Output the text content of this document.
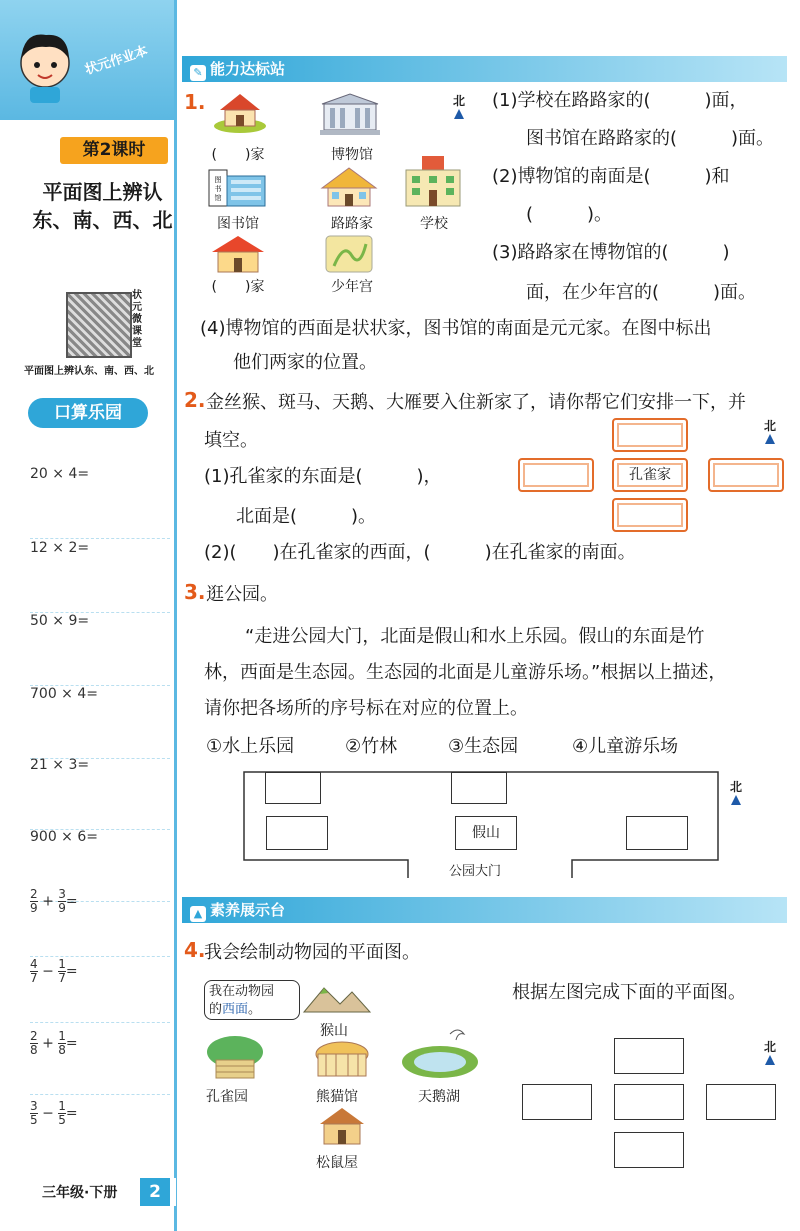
状元作业本
第2课时
平面图上辨认
东、南、西、北
状元微课堂
平面图上辨认东、南、西、北
口算乐园
20 × 4=
12 × 2=
50 × 9=
700 × 4=
21 × 3=
900 × 6=
$\frac{2}{9} + \frac{3}{9}$ =
$\frac{4}{7} - \frac{1}{7}$ =
$\frac{2}{8} + \frac{1}{8}$ =
$\frac{3}{5} - \frac{1}{5}$ =
三年级·下册	2
✎ 能力达标站
1.
(　　)家	博物馆
北
图
书
馆
图书馆	路路家	学校
(　　)家	少年宫
(1)学校在路路家的(　　　)面，
图书馆在路路家的(　　　)面。
(2)博物馆的南面是(　　　)和
(　　　)。
(3)路路家在博物馆的(　　　)
面，在少年宫的(　　　)面。
(4)博物馆的西面是状状家，图书馆的南面是元元家。在图中标出
他们两家的位置。
2. 金丝猴、斑马、天鹅、大雁要入住新家了，请你帮它们安排一下，并
填空。
(1)孔雀家的东面是(　　　)，
北面是(　　　)。
(2)(　　)在孔雀家的西面，(　　　)在孔雀家的南面。
孔雀家
北
3. 逛公园。
“走进公园大门，北面是假山和水上乐园。假山的东面是竹
林，西面是生态园。生态园的北面是儿童游乐场。”根据以上描述，
请你把各场所的序号标在对应的位置上。
①水上乐园	②竹林	③生态园	④儿童游乐场
假山
公园大门
北
▲ 素养展示台
4.
我会绘制动物园的平面图。
我在动物园
的西面。
猴山
孔雀园	熊猫馆	天鹅湖
松鼠屋
根据左图完成下面的平面图。
北
